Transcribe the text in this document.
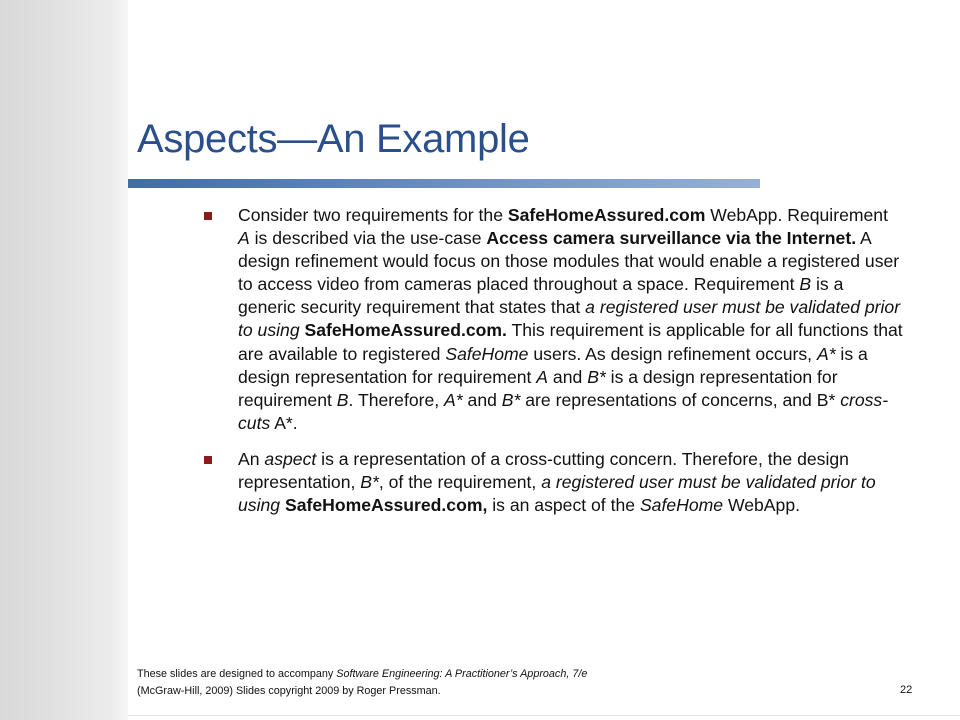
Aspects—An Example
Consider two requirements for the SafeHomeAssured.com WebApp. Requirement A is described via the use-case Access camera surveillance via the Internet. A design refinement would focus on those modules that would enable a registered user to access video from cameras placed throughout a space. Requirement B is a generic security requirement that states that a registered user must be validated prior to using SafeHomeAssured.com. This requirement is applicable for all functions that are available to registered SafeHome users. As design refinement occurs, A* is a design representation for requirement A and B* is a design representation for requirement B. Therefore, A* and B* are representations of concerns, and B* cross-cuts A*.
An aspect is a representation of a cross-cutting concern. Therefore, the design representation, B*, of the requirement, a registered user must be validated prior to using SafeHomeAssured.com, is an aspect of the SafeHome WebApp.
These slides are designed to accompany Software Engineering: A Practitioner’s Approach, 7/e
(McGraw-Hill, 2009) Slides copyright 2009 by Roger Pressman.	22
